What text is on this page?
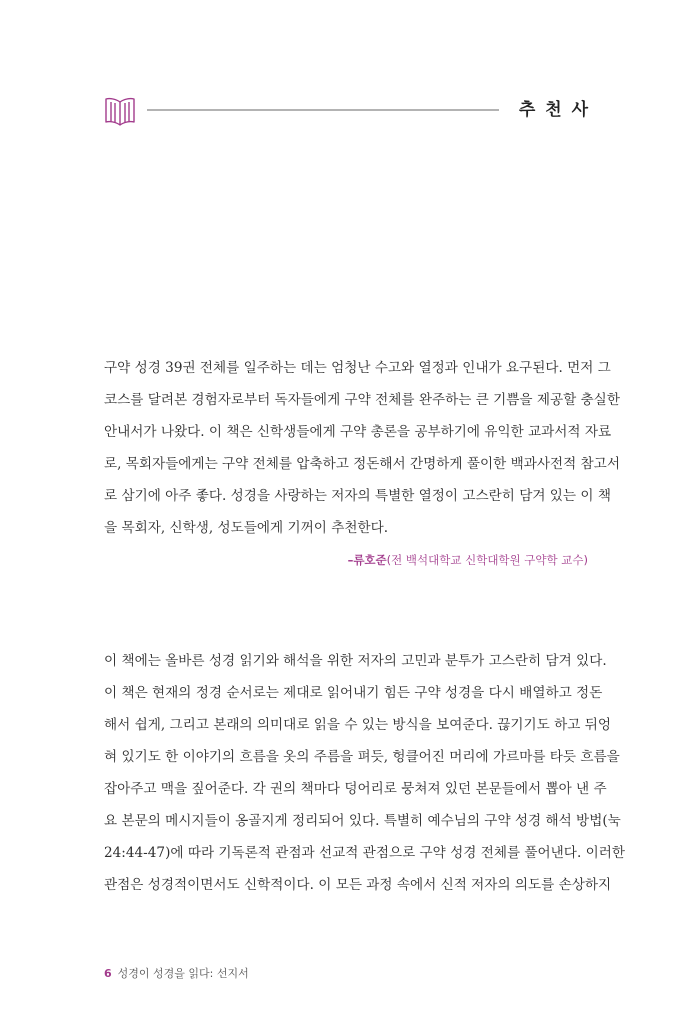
추 천 사
구약 성경 39권 전체를 일주하는 데는 엄청난 수고와 열정과 인내가 요구된다. 먼저 그
코스를 달려본 경험자로부터 독자들에게 구약 전체를 완주하는 큰 기쁨을 제공할 충실한
안내서가 나왔다. 이 책은 신학생들에게 구약 총론을 공부하기에 유익한 교과서적 자료
로, 목회자들에게는 구약 전체를 압축하고 정돈해서 간명하게 풀이한 백과사전적 참고서
로 삼기에 아주 좋다. 성경을 사랑하는 저자의 특별한 열정이 고스란히 담겨 있는 이 책
을 목회자, 신학생, 성도들에게 기꺼이 추천한다.
–류호준(전 백석대학교 신학대학원 구약학 교수)
이 책에는 올바른 성경 읽기와 해석을 위한 저자의 고민과 분투가 고스란히 담겨 있다.
이 책은 현재의 정경 순서로는 제대로 읽어내기 힘든 구약 성경을 다시 배열하고 정돈
해서 쉽게, 그리고 본래의 의미대로 읽을 수 있는 방식을 보여준다. 끊기기도 하고 뒤엉
혀 있기도 한 이야기의 흐름을 옷의 주름을 펴듯, 헝클어진 머리에 가르마를 타듯 흐름을
잡아주고 맥을 짚어준다. 각 권의 책마다 덩어리로 뭉쳐져 있던 본문들에서 뽑아 낸 주
요 본문의 메시지들이 옹골지게 정리되어 있다. 특별히 예수님의 구약 성경 해석 방법(눅
24:44-47)에 따라 기독론적 관점과 선교적 관점으로 구약 성경 전체를 풀어낸다. 이러한
관점은 성경적이면서도 신학적이다. 이 모든 과정 속에서 신적 저자의 의도를 손상하지
6 성경이 성경을 읽다: 선지서
